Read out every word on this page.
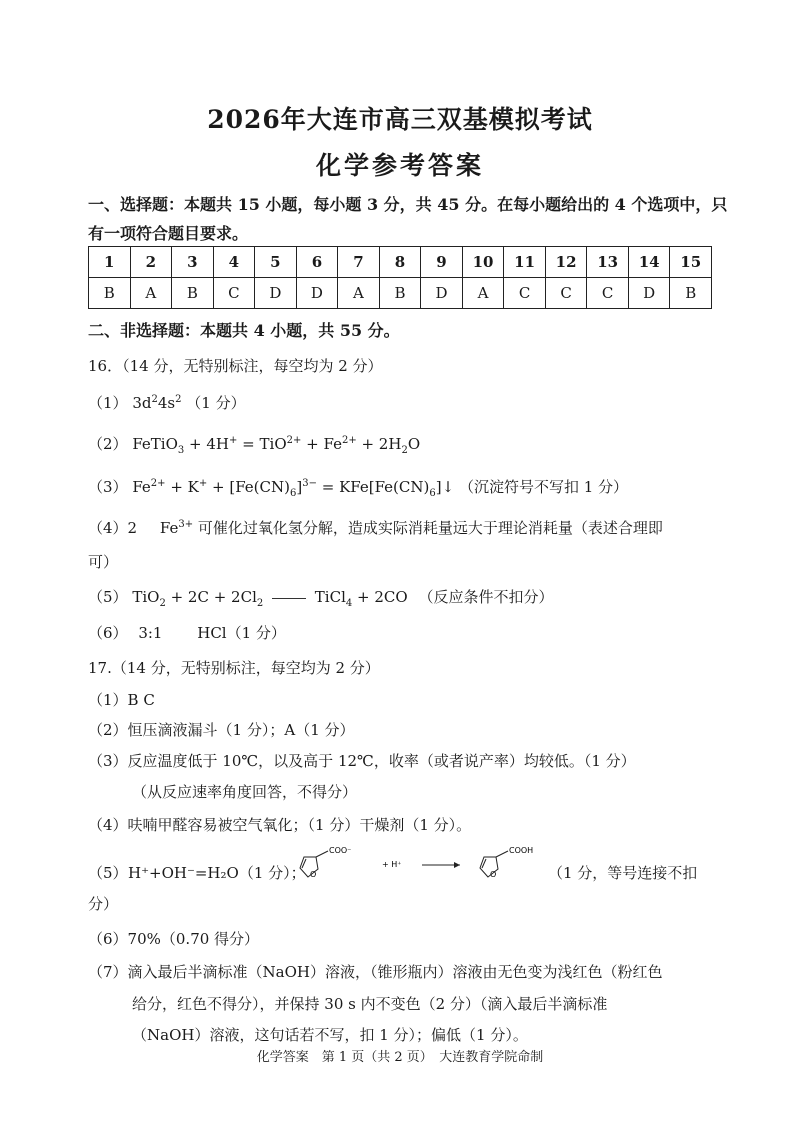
2026年大连市高三双基模拟考试
化学参考答案
一、选择题：本题共 15 小题，每小题 3 分，共 45 分。在每小题给出的 4 个选项中，只
有一项符合题目要求。
1	2	3	4	5	6	7	8	9	10	11	12	13	14	15
B	A	B	C	D	D	A	B	D	A	C	C	C	D	B
二、非选择题：本题共 4 小题，共 55 分。
16．（14 分，无特别标注，每空均为 2 分）
（1） $3d^24s^2$ （1 分）
（2） FeTiO$_3$ + $4H^+ = TiO^{2+} + Fe^{2+} + 2H_2O$
（3） $Fe^{2+} + K^+ + [Fe(CN)_6]^{3-}$ = $KFe[Fe(CN)_6]↓$ （沉淀符号不写扣 1 分）
（4）2 $Fe^{3+}$ 可催化过氧化氢分解，造成实际消耗量远大于理论消耗量（表述合理即
可）
（5） $TiO_2 + 2C + 2Cl_2$	TiCl$_4$ + 2CO （反应条件不扣分）
（6） 3:1 HCl（1 分）
17.（14 分，无特别标注，每空均为 2 分）
（1）B C
（2）恒压滴液漏斗（1 分）；A（1 分）
（3）反应温度低于 10℃，以及高于 12℃，收率（或者说产率）均较低。（1 分）
（从反应速率角度回答，不得分）
（4）呋喃甲醛容易被空气氧化；（1 分）干燥剂（1 分）。
（5） H⁺+OH⁻=H₂O（1 分）； O
COO⁻
+ H⁺
O
COOH
（1 分，等号连接不扣
分）
（6）70%（0.70 得分）
（7）滴入最后半滴标准（NaOH）溶液，（锥形瓶内）溶液由无色变为浅红色（粉红色
给分，红色不得分），并保持 30 s 内不变色（2 分）（滴入最后半滴标准
（NaOH）溶液，这句话若不写，扣 1 分）；偏低（1 分）。
化学答案　第 1 页（共 2 页）　大连教育学院命制
